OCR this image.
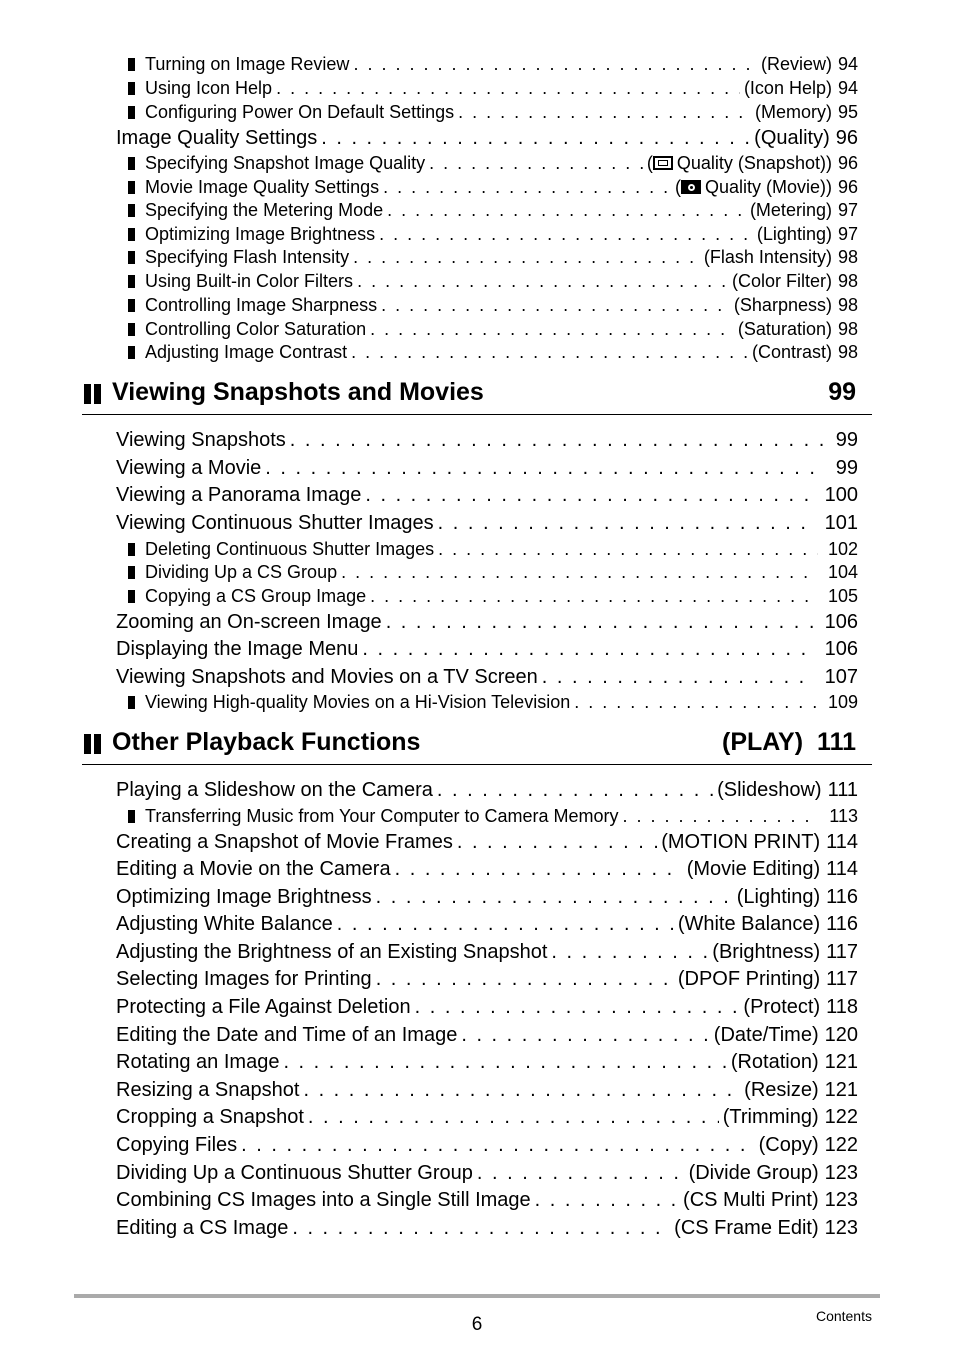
Turning on Image Review . . .	(Review) 94
Using Icon Help . . .	(Icon Help) 94
Configuring Power On Default Settings . . .	(Memory) 95
Image Quality Settings . . .	(Quality) 96
Specifying Snapshot Image Quality . . .	( Quality (Snapshot)) 96
Movie Image Quality Settings . . .	( Quality (Movie)) 96
Specifying the Metering Mode . . .	(Metering) 97
Optimizing Image Brightness . . .	(Lighting) 97
Specifying Flash Intensity . . .	(Flash Intensity) 98
Using Built-in Color Filters . . .	(Color Filter) 98
Controlling Image Sharpness . . .	(Sharpness) 98
Controlling Color Saturation . . .	(Saturation) 98
Adjusting Image Contrast . . .	(Contrast) 98
Viewing Snapshots and Movies	99
Viewing Snapshots . . .	99
Viewing a Movie . . .	99
Viewing a Panorama Image . . .	100
Viewing Continuous Shutter Images . . .	101
Deleting Continuous Shutter Images . . .	102
Dividing Up a CS Group . . .	104
Copying a CS Group Image . . .	105
Zooming an On-screen Image . . .	106
Displaying the Image Menu . . .	106
Viewing Snapshots and Movies on a TV Screen . . .	107
Viewing High-quality Movies on a Hi-Vision Television . . .	109
Other Playback Functions	(PLAY) 111
Playing a Slideshow on the Camera . . .	(Slideshow) 111
Transferring Music from Your Computer to Camera Memory . . .	113
Creating a Snapshot of Movie Frames . . .	(MOTION PRINT) 114
Editing a Movie on the Camera . . .	(Movie Editing) 114
Optimizing Image Brightness . . .	(Lighting) 116
Adjusting White Balance . . .	(White Balance) 116
Adjusting the Brightness of an Existing Snapshot . . .	(Brightness) 117
Selecting Images for Printing . . .	(DPOF Printing) 117
Protecting a File Against Deletion . . .	(Protect) 118
Editing the Date and Time of an Image . . .	(Date/Time) 120
Rotating an Image . . .	(Rotation) 121
Resizing a Snapshot . . .	(Resize) 121
Cropping a Snapshot . . .	(Trimming) 122
Copying Files . . .	(Copy) 122
Dividing Up a Continuous Shutter Group . . .	(Divide Group) 123
Combining CS Images into a Single Still Image . . .	(CS Multi Print) 123
Editing a CS Image . . .	(CS Frame Edit) 123
6	Contents
